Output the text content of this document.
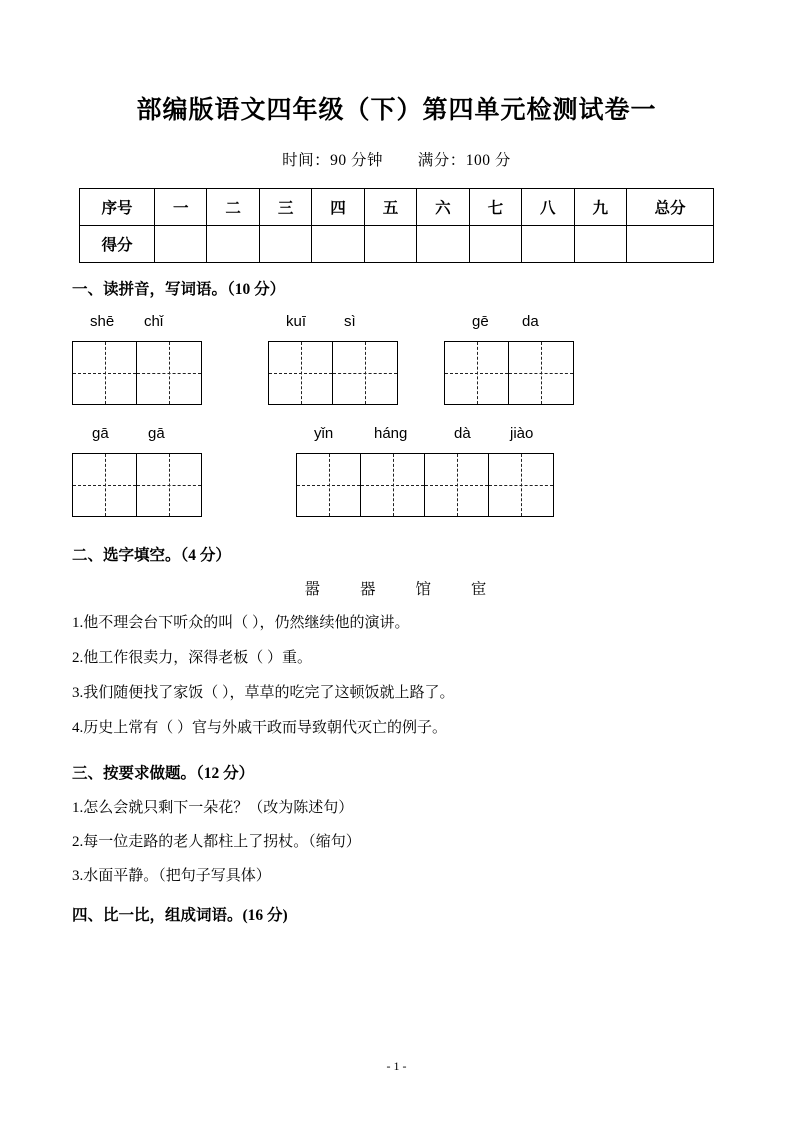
部编版语文四年级（下）第四单元检测试卷一
时间：90 分钟 满分：100 分
序号	一	二	三	四	五	六	七	八	九	总分
得分										
一、读拼音，写词语。（10 分）
shē chǐ	kuī	sì	gē da
gā	gā	yǐn	háng	dà	jiào
二、选字填空。（4 分）
嚣 器 馆 宦
1.他不理会台下听众的叫（ ），仍然继续他的演讲。
2.他工作很卖力，深得老板（ ）重。
3.我们随便找了家饭（ ），草草的吃完了这顿饭就上路了。
4.历史上常有（ ）官与外戚干政而导致朝代灭亡的例子。
三、按要求做题。（12 分）
1.怎么会就只剩下一朵花？（改为陈述句）
2.每一位走路的老人都柱上了拐杖。（缩句）
3.水面平静。（把句子写具体）
四、比一比，组成词语。(16 分)
- 1 -
